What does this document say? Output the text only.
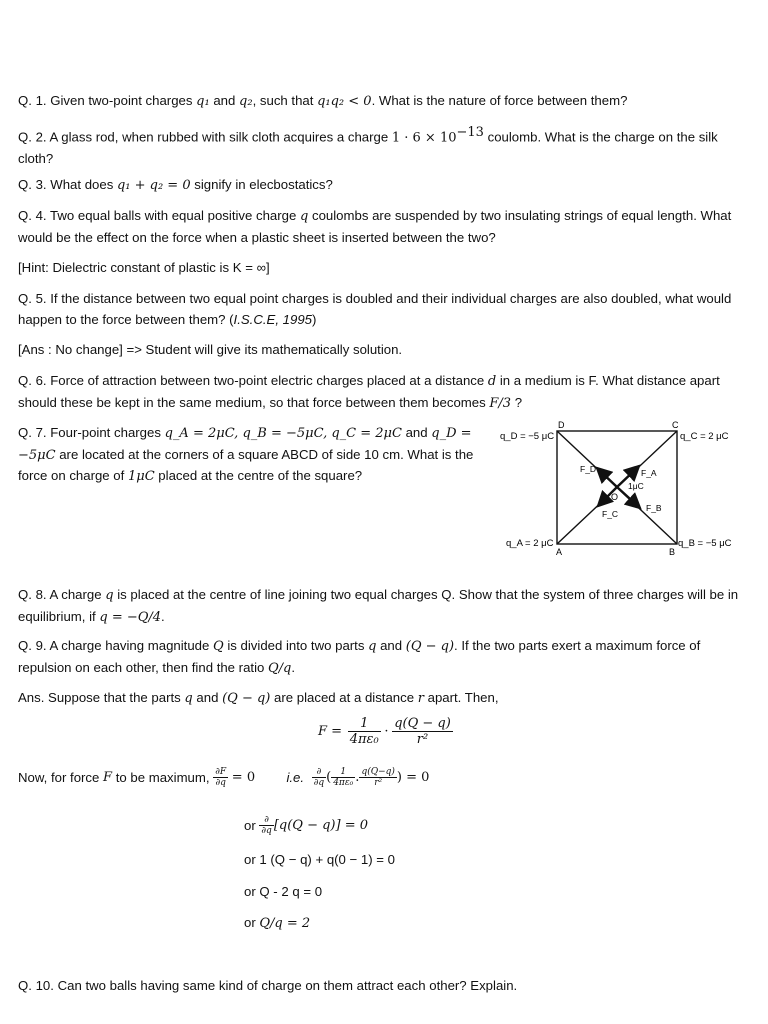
Q. 1. Given two-point charges q₁ and q₂, such that q₁q₂ < 0. What is the nature of force between them?

Q. 2. A glass rod, when rubbed with silk cloth acquires a charge $1 \cdot 6 \times 10^{-13}$ coulomb. What is the charge on the silk cloth?

Q. 3. What does q₁ + q₂ = 0 signify in elecbostatics?

Q. 4. Two equal balls with equal positive charge q coulombs are suspended by two insulating strings of equal length. What would be the effect on the force when a plastic sheet is inserted between the two?

[Hint: Dielectric constant of plastic is K = ∞]

Q. 5. If the distance between two equal point charges is doubled and their individual charges are also doubled, what would happen to the force between them? (I.S.C.E, 1995)

[Ans : No change] => Student will give its mathematically solution.

Q. 6. Force of attraction between two-point electric charges placed at a distance d in a medium is F. What distance apart should these be kept in the same medium, so that force between them becomes F/3 ?

Q. 7. Four-point charges q_A = 2μC, q_B = −5μC, q_C = 2μC and q_D = −5μC are located at the corners of a square ABCD of side 10 cm. What is the force on charge of 1μC placed at the centre of the square?

q_D = −5 μC
D	C
q_C = 2 μC
F_D	F_A
1μC
O
F_B
F_C
q_A = 2 μC
A	B
q_B = −5 μC

Q. 8. A charge q is placed at the centre of line joining two equal charges Q. Show that the system of three charges will be in equilibrium, if q = −Q/4.

Q. 9. A charge having magnitude Q is divided into two parts q and (Q − q). If the two parts exert a maximum force of repulsion on each other, then find the ratio Q/q.

Ans. Suppose that the parts q and (Q − q) are placed at a distance r apart. Then,

$F = \frac{1}{\text{4πε₀}} \cdot \frac{q(Q - q)}{\text{r²}}$
Now, for force F to be maximum, $\frac{\partial F}{\partial q} = 0$ i.e. $\frac{\partial}{\partial q}$ ( $\frac{1}{\text{4πε₀}}$ . $\frac{q(Q-q)}{\text{r²}}$ ) = 0
or $\frac{\partial}{\partial q} [q(Q - q)] = 0$
or 1 (Q − q) + q(0 − 1) = 0
or Q - 2 q = 0
or Q/q = 2

Q. 10. Can two balls having same kind of charge on them attract each other? Explain.
